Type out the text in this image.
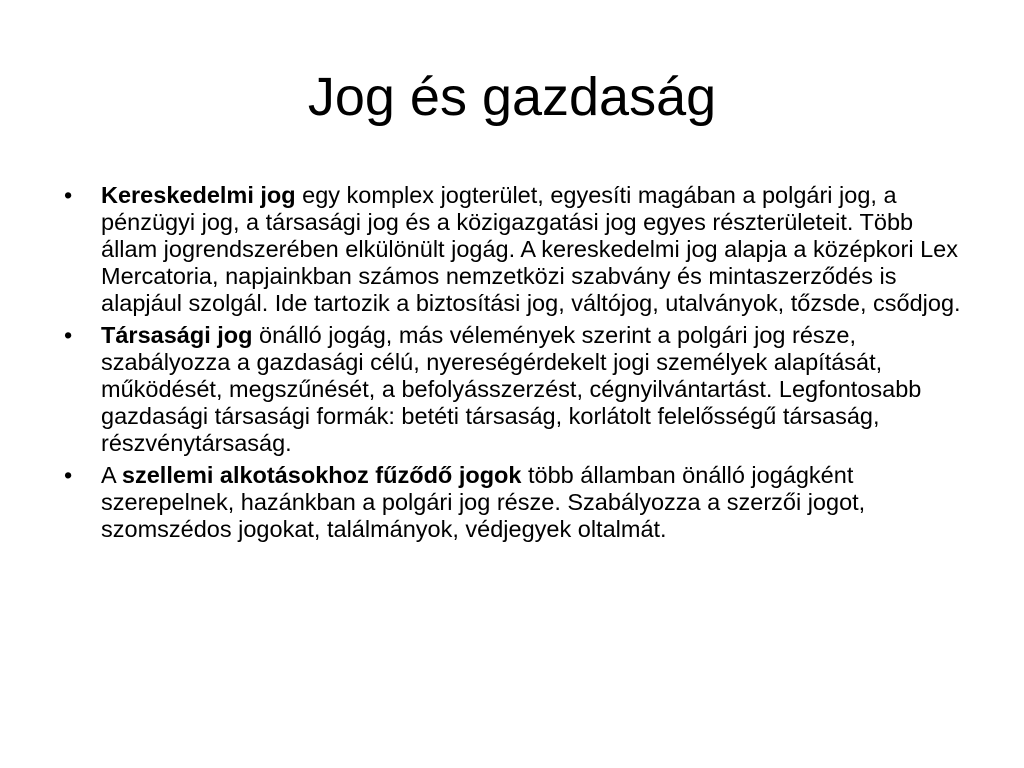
Jog és gazdaság
•	Kereskedelmi jog egy komplex jogterület, egyesíti magában a polgári jog, a pénzügyi jog, a társasági jog és a közigazgatási jog egyes részterületeit. Több állam jogrendszerében elkülönült jogág. A kereskedelmi jog alapja a középkori Lex Mercatoria, napjainkban számos nemzetközi szabvány és mintaszerződés is alapjául szolgál. Ide tartozik a biztosítási jog, váltójog, utalványok, tőzsde, csődjog.
•	Társasági jog önálló jogág, más vélemények szerint a polgári jog része, szabályozza a gazdasági célú, nyereségérdekelt jogi személyek alapítását, működését, megszűnését, a befolyásszerzést, cégnyilvántartást. Legfontosabb gazdasági társasági formák: betéti társaság, korlátolt felelősségű társaság, részvénytársaság.
•	A szellemi alkotásokhoz fűződő jogok több államban önálló jogágként szerepelnek, hazánkban a polgári jog része. Szabályozza a szerzői jogot, szomszédos jogokat, találmányok, védjegyek oltalmát.
